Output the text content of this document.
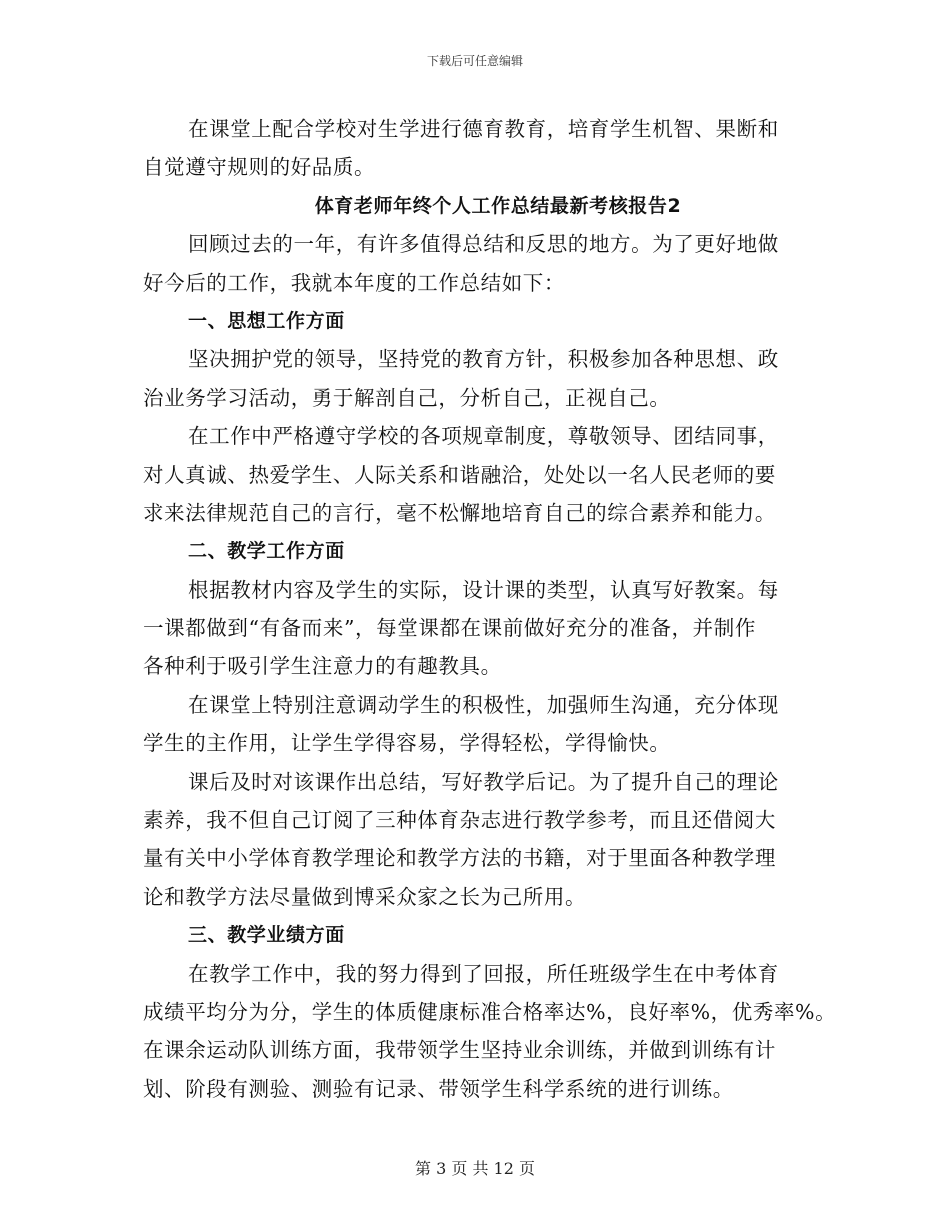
下载后可任意编辑
在课堂上配合学校对生学进行德育教育，培育学生机智、果断和
自觉遵守规则的好品质。
体育老师年终个人工作总结最新考核报告2
回顾过去的一年，有许多值得总结和反思的地方。为了更好地做
好今后的工作，我就本年度的工作总结如下：
一、思想工作方面
坚决拥护党的领导，坚持党的教育方针，积极参加各种思想、政
治业务学习活动，勇于解剖自己，分析自己，正视自己。
在工作中严格遵守学校的各项规章制度，尊敬领导、团结同事，
对人真诚、热爱学生、人际关系和谐融洽，处处以一名人民老师的要
求来法律规范自己的言行，毫不松懈地培育自己的综合素养和能力。
二、教学工作方面
根据教材内容及学生的实际，设计课的类型，认真写好教案。每
一课都做到“有备而来”，每堂课都在课前做好充分的准备，并制作
各种利于吸引学生注意力的有趣教具。
在课堂上特别注意调动学生的积极性，加强师生沟通，充分体现
学生的主作用，让学生学得容易，学得轻松，学得愉快。
课后及时对该课作出总结，写好教学后记。为了提升自己的理论
素养，我不但自己订阅了三种体育杂志进行教学参考，而且还借阅大
量有关中小学体育教学理论和教学方法的书籍，对于里面各种教学理
论和教学方法尽量做到博采众家之长为己所用。
三、教学业绩方面
在教学工作中，我的努力得到了回报，所任班级学生在中考体育
成绩平均分为分，学生的体质健康标准合格率达%，良好率%，优秀率%。
在课余运动队训练方面，我带领学生坚持业余训练，并做到训练有计
划、阶段有测验、测验有记录、带领学生科学系统的进行训练。
第 3 页 共 12 页
